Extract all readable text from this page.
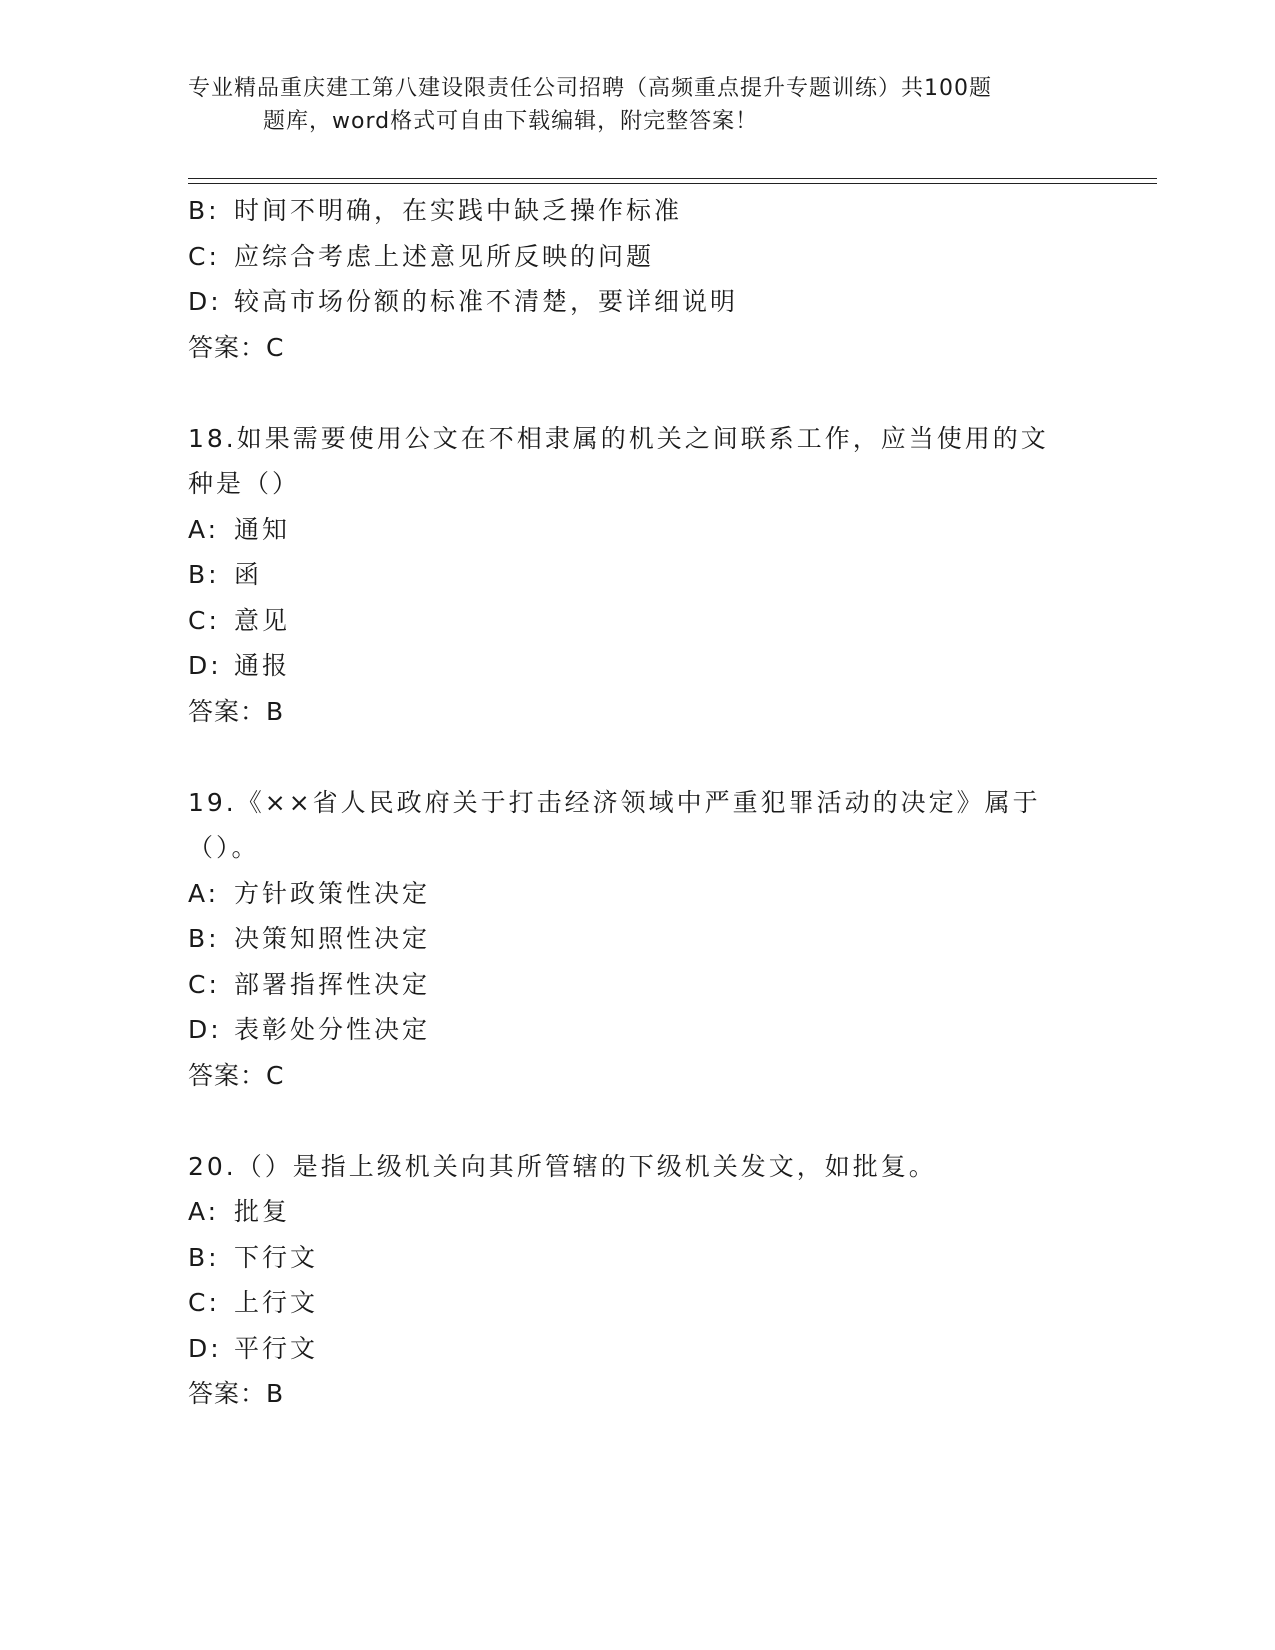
专业精品重庆建工第八建设限责任公司招聘（高频重点提升专题训练）共100题
题库，word格式可自由下载编辑，附完整答案！
B: 时间不明确，在实践中缺乏操作标准
C: 应综合考虑上述意见所反映的问题
D: 较高市场份额的标准不清楚，要详细说明
答案：C
18.如果需要使用公文在不相隶属的机关之间联系工作，应当使用的文种是（）
A: 通知
B: 函
C: 意见
D: 通报
答案：B
19.《××省人民政府关于打击经济领域中严重犯罪活动的决定》属于（）。
A: 方针政策性决定
B: 决策知照性决定
C: 部署指挥性决定
D: 表彰处分性决定
答案：C
20.（）是指上级机关向其所管辖的下级机关发文，如批复。
A: 批复
B: 下行文
C: 上行文
D: 平行文
答案：B
